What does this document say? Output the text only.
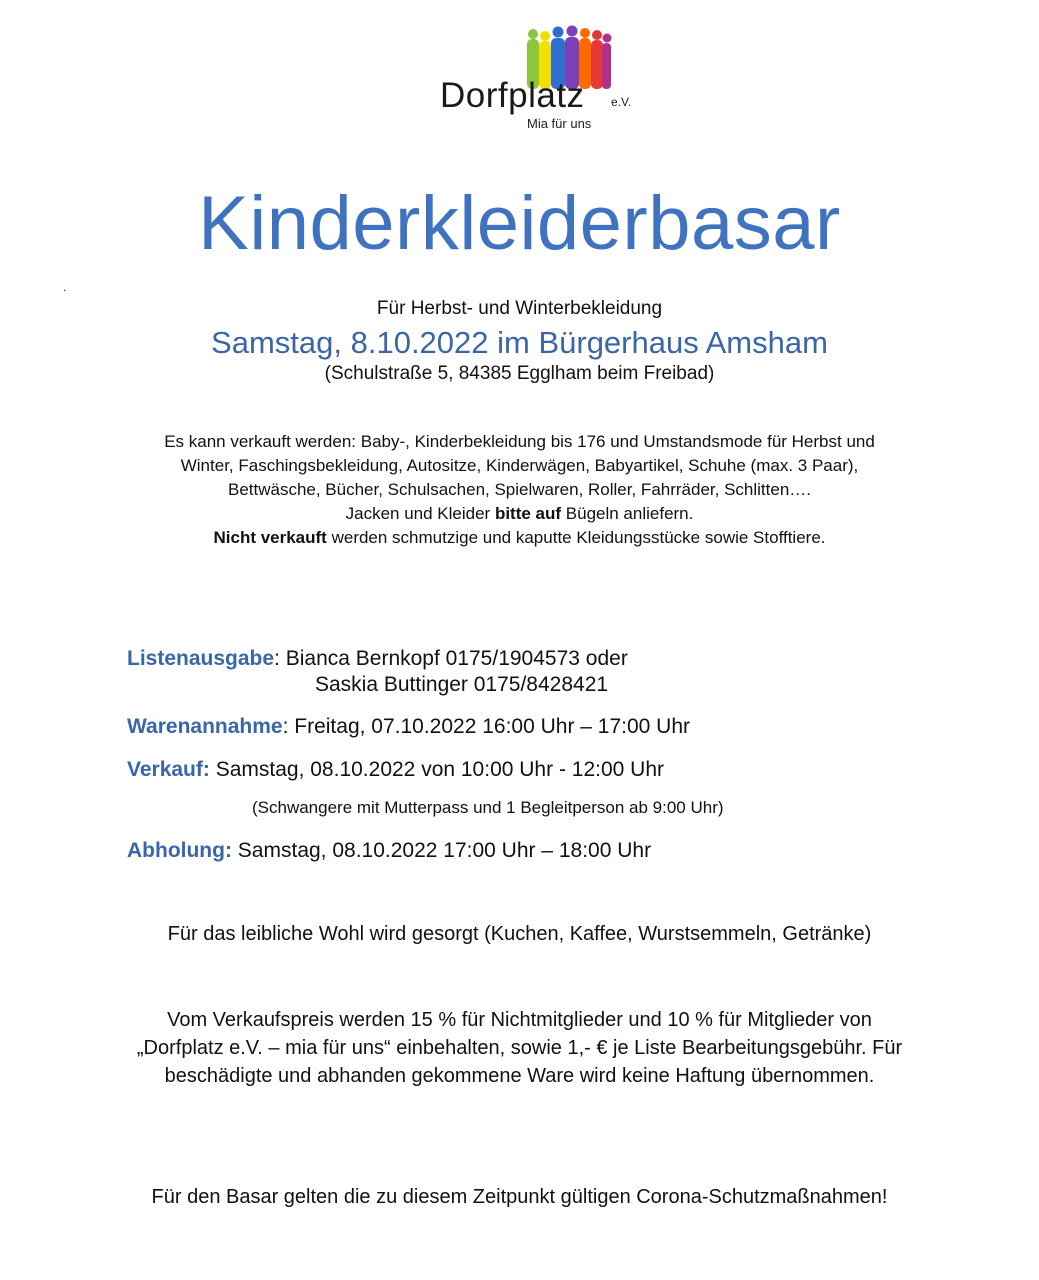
Dorfplatz e.V.
Mia für uns
Kinderkleiderbasar
.
Für Herbst- und Winterbekleidung
Samstag, 8.10.2022 im Bürgerhaus Amsham
(Schulstraße 5, 84385 Egglham beim Freibad)
Es kann verkauft werden: Baby-, Kinderbekleidung bis 176 und Umstandsmode für Herbst und
Winter, Faschingsbekleidung, Autositze, Kinderwägen, Babyartikel, Schuhe (max. 3 Paar),
Bettwäsche, Bücher, Schulsachen, Spielwaren, Roller, Fahrräder, Schlitten….
Jacken und Kleider bitte auf Bügeln anliefern.
Nicht verkauft werden schmutzige und kaputte Kleidungsstücke sowie Stofftiere.
Listenausgabe: Bianca Bernkopf 0175/1904573 oder
Saskia Buttinger 0175/8428421
Warenannahme: Freitag, 07.10.2022 16:00 Uhr – 17:00 Uhr
Verkauf: Samstag, 08.10.2022 von 10:00 Uhr - 12:00 Uhr
(Schwangere mit Mutterpass und 1 Begleitperson ab 9:00 Uhr)
Abholung: Samstag, 08.10.2022 17:00 Uhr – 18:00 Uhr
Für das leibliche Wohl wird gesorgt (Kuchen, Kaffee, Wurstsemmeln, Getränke)
Vom Verkaufspreis werden 15 % für Nichtmitglieder und 10 % für Mitglieder von
„Dorfplatz e.V. – mia für uns“ einbehalten, sowie 1,- € je Liste Bearbeitungsgebühr. Für
beschädigte und abhanden gekommene Ware wird keine Haftung übernommen.
Für den Basar gelten die zu diesem Zeitpunkt gültigen Corona-Schutzmaßnahmen!
